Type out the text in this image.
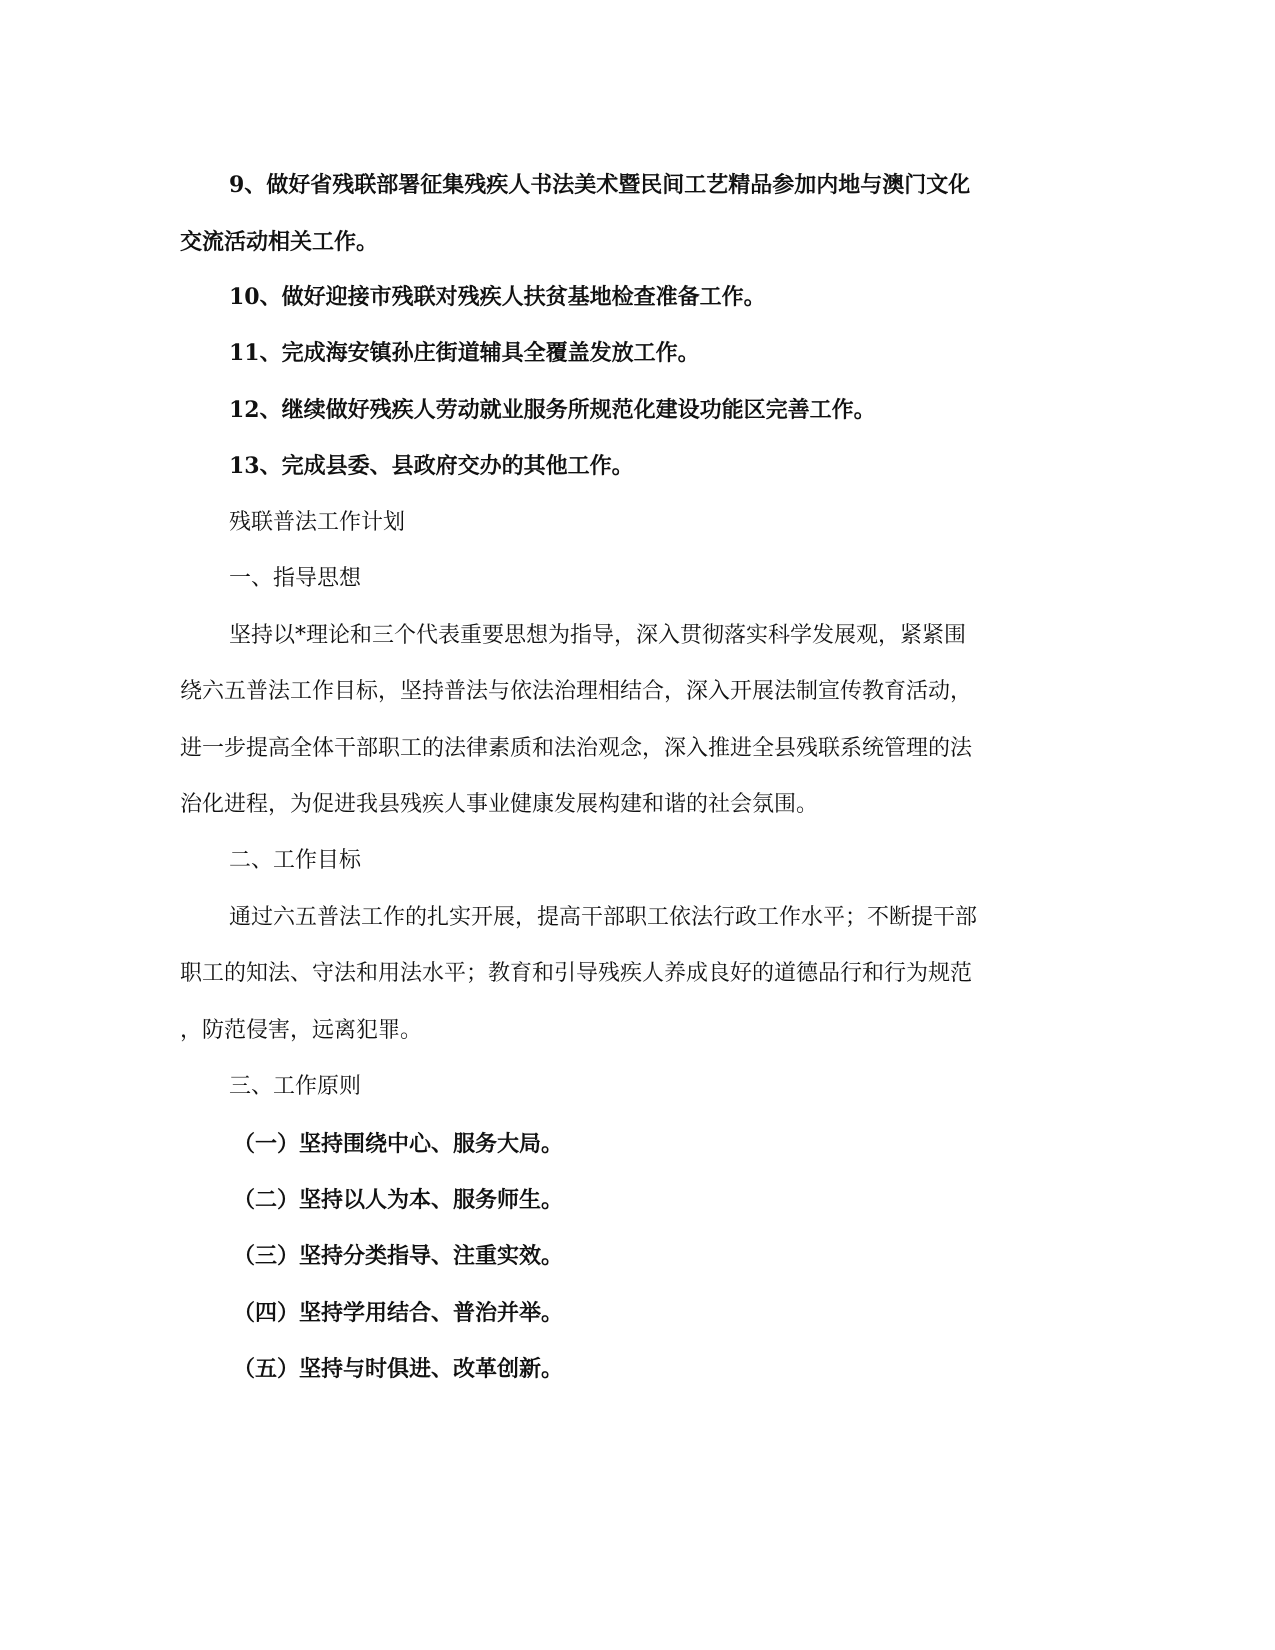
9、做好省残联部署征集残疾人书法美术暨民间工艺精品参加内地与澳门文化
交流活动相关工作。
10、做好迎接市残联对残疾人扶贫基地检查准备工作。
11、完成海安镇孙庄街道辅具全覆盖发放工作。
12、继续做好残疾人劳动就业服务所规范化建设功能区完善工作。
13、完成县委、县政府交办的其他工作。
残联普法工作计划
一、指导思想
坚持以*理论和三个代表重要思想为指导，深入贯彻落实科学发展观，紧紧围
绕六五普法工作目标，坚持普法与依法治理相结合，深入开展法制宣传教育活动，
进一步提高全体干部职工的法律素质和法治观念，深入推进全县残联系统管理的法
治化进程，为促进我县残疾人事业健康发展构建和谐的社会氛围。
二、工作目标
通过六五普法工作的扎实开展，提高干部职工依法行政工作水平；不断提干部
职工的知法、守法和用法水平；教育和引导残疾人养成良好的道德品行和行为规范
，防范侵害，远离犯罪。
三、工作原则
（一）坚持围绕中心、服务大局。
（二）坚持以人为本、服务师生。
（三）坚持分类指导、注重实效。
（四）坚持学用结合、普治并举。
（五）坚持与时俱进、改革创新。
